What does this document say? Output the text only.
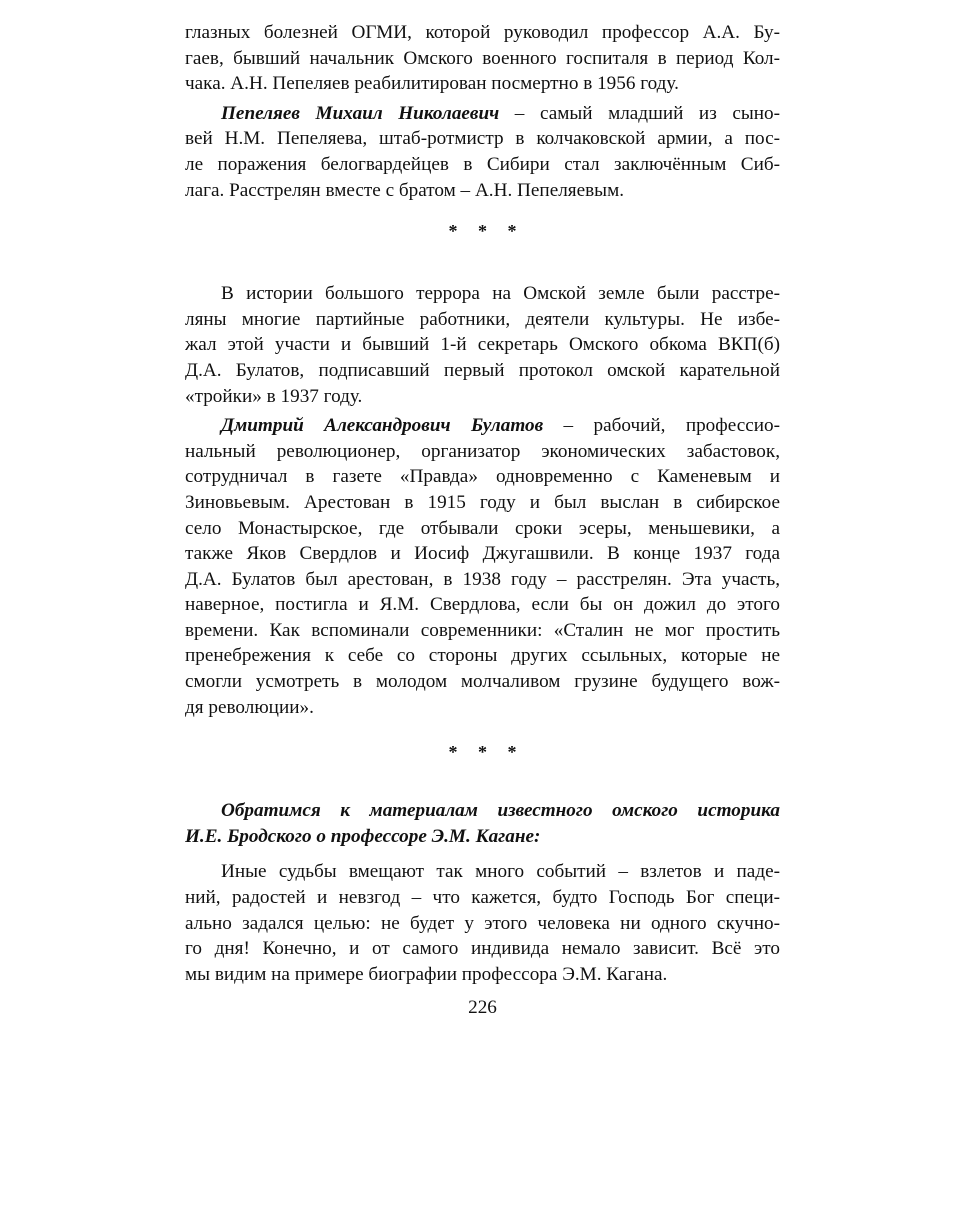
глазных болезней ОГМИ, которой руководил профессор А.А. Бу-
гаев, бывший начальник Омского военного госпиталя в период Кол-
чака. А.Н. Пепеляев реабилитирован посмертно в 1956 году.
Пепеляев Михаил Николаевич – самый младший из сыно-
вей Н.М. Пепеляева, штаб-ротмистр в колчаковской армии, а пос-
ле поражения белогвардейцев в Сибири стал заключённым Сиб-
лага. Расстрелян вместе с братом – А.Н. Пепеляевым.
* * *
В истории большого террора на Омской земле были расстре-
ляны многие партийные работники, деятели культуры. Не избе-
жал этой участи и бывший 1-й секретарь Омского обкома ВКП(б)
Д.А. Булатов, подписавший первый протокол омской карательной
«тройки» в 1937 году.
Дмитрий Александрович Булатов – рабочий, профессио-
нальный революционер, организатор экономических забастовок,
сотрудничал в газете «Правда» одновременно с Каменевым и
Зиновьевым. Арестован в 1915 году и был выслан в сибирское
село Монастырское, где отбывали сроки эсеры, меньшевики, а
также Яков Свердлов и Иосиф Джугашвили. В конце 1937 года
Д.А. Булатов был арестован, в 1938 году – расстрелян. Эта участь,
наверное, постигла и Я.М. Свердлова, если бы он дожил до этого
времени. Как вспоминали современники: «Сталин не мог простить
пренебрежения к себе со стороны других ссыльных, которые не
смогли усмотреть в молодом молчаливом грузине будущего вож-
дя революции».
* * *
Обратимся к материалам известного омского историка
И.Е. Бродского о профессоре Э.М. Кагане:
Иные судьбы вмещают так много событий – взлетов и паде-
ний, радостей и невзгод – что кажется, будто Господь Бог специ-
ально задался целью: не будет у этого человека ни одного скучно-
го дня! Конечно, и от самого индивида немало зависит. Всё это
мы видим на примере биографии профессора Э.М. Кагана.
226
